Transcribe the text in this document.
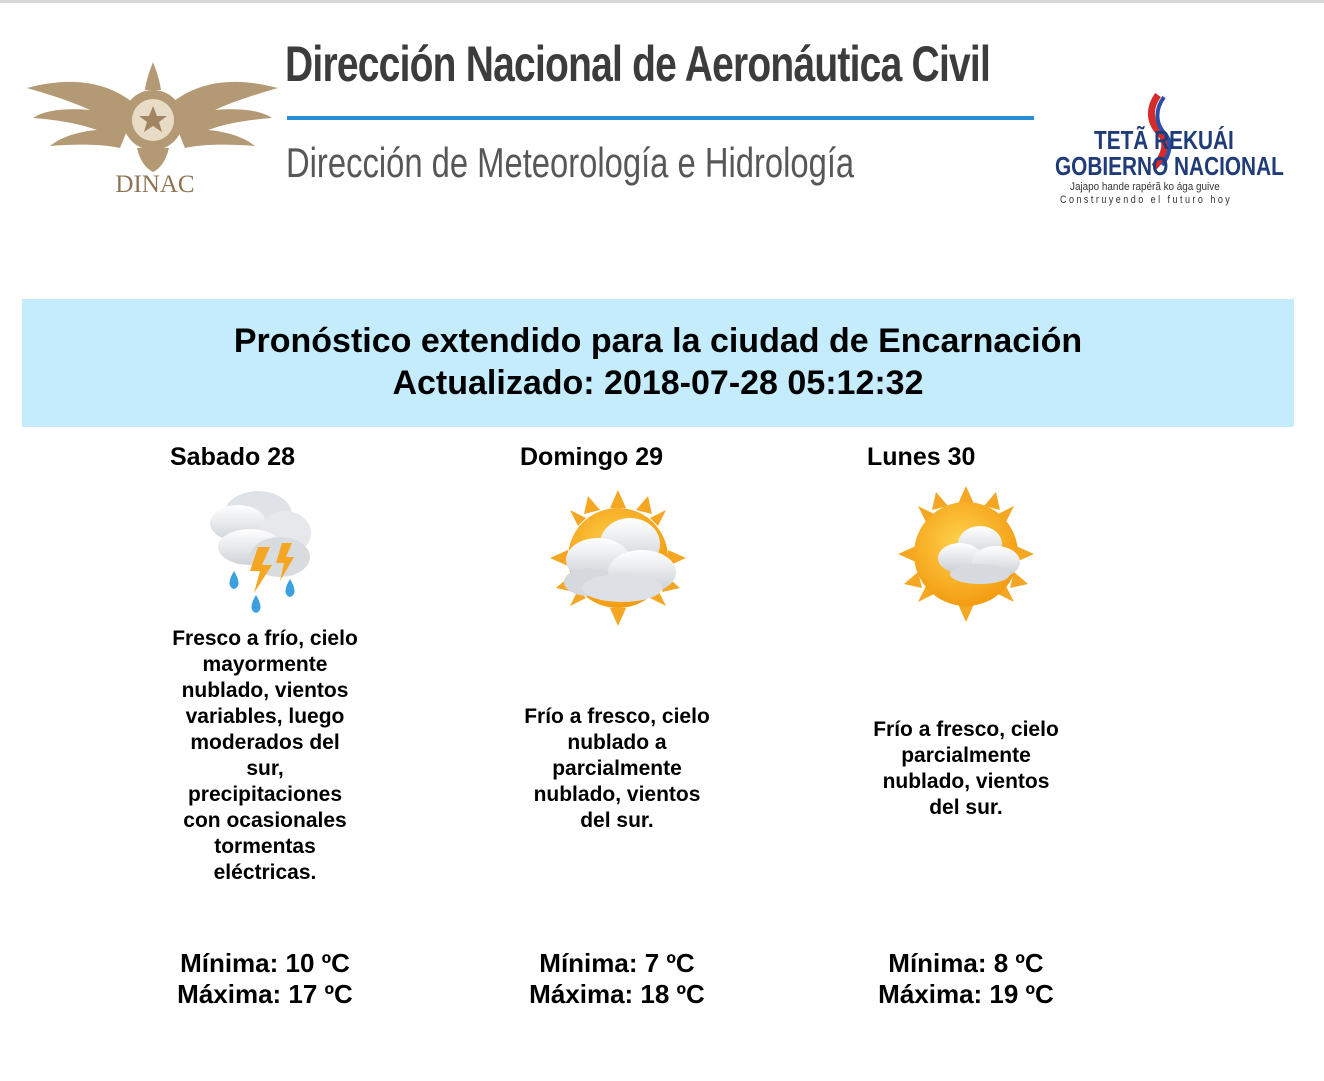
DINAC
Dirección Nacional de Aeronáutica Civil
Dirección de Meteorología e Hidrología	TETÃ REKUÁI
GOBIERNO NACIONAL
Jajapo hande rapérã ko ága guive
Construyendo el futuro hoy
Pronóstico extendido para la ciudad de Encarnación
Actualizado: 2018-07-28 05:12:32
Sabado 28
Fresco a frío, cielo mayormente nublado, vientos variables, luego moderados del sur, precipitaciones con ocasionales tormentas eléctricas.
Mínima: 10 ºC
Máxima: 17 ºC
Domingo 29
Frío a fresco, cielo nublado a parcialmente nublado, vientos del sur.
Mínima: 7 ºC
Máxima: 18 ºC
Lunes 30
Frío a fresco, cielo parcialmente nublado, vientos del sur.
Mínima: 8 ºC
Máxima: 19 ºC
